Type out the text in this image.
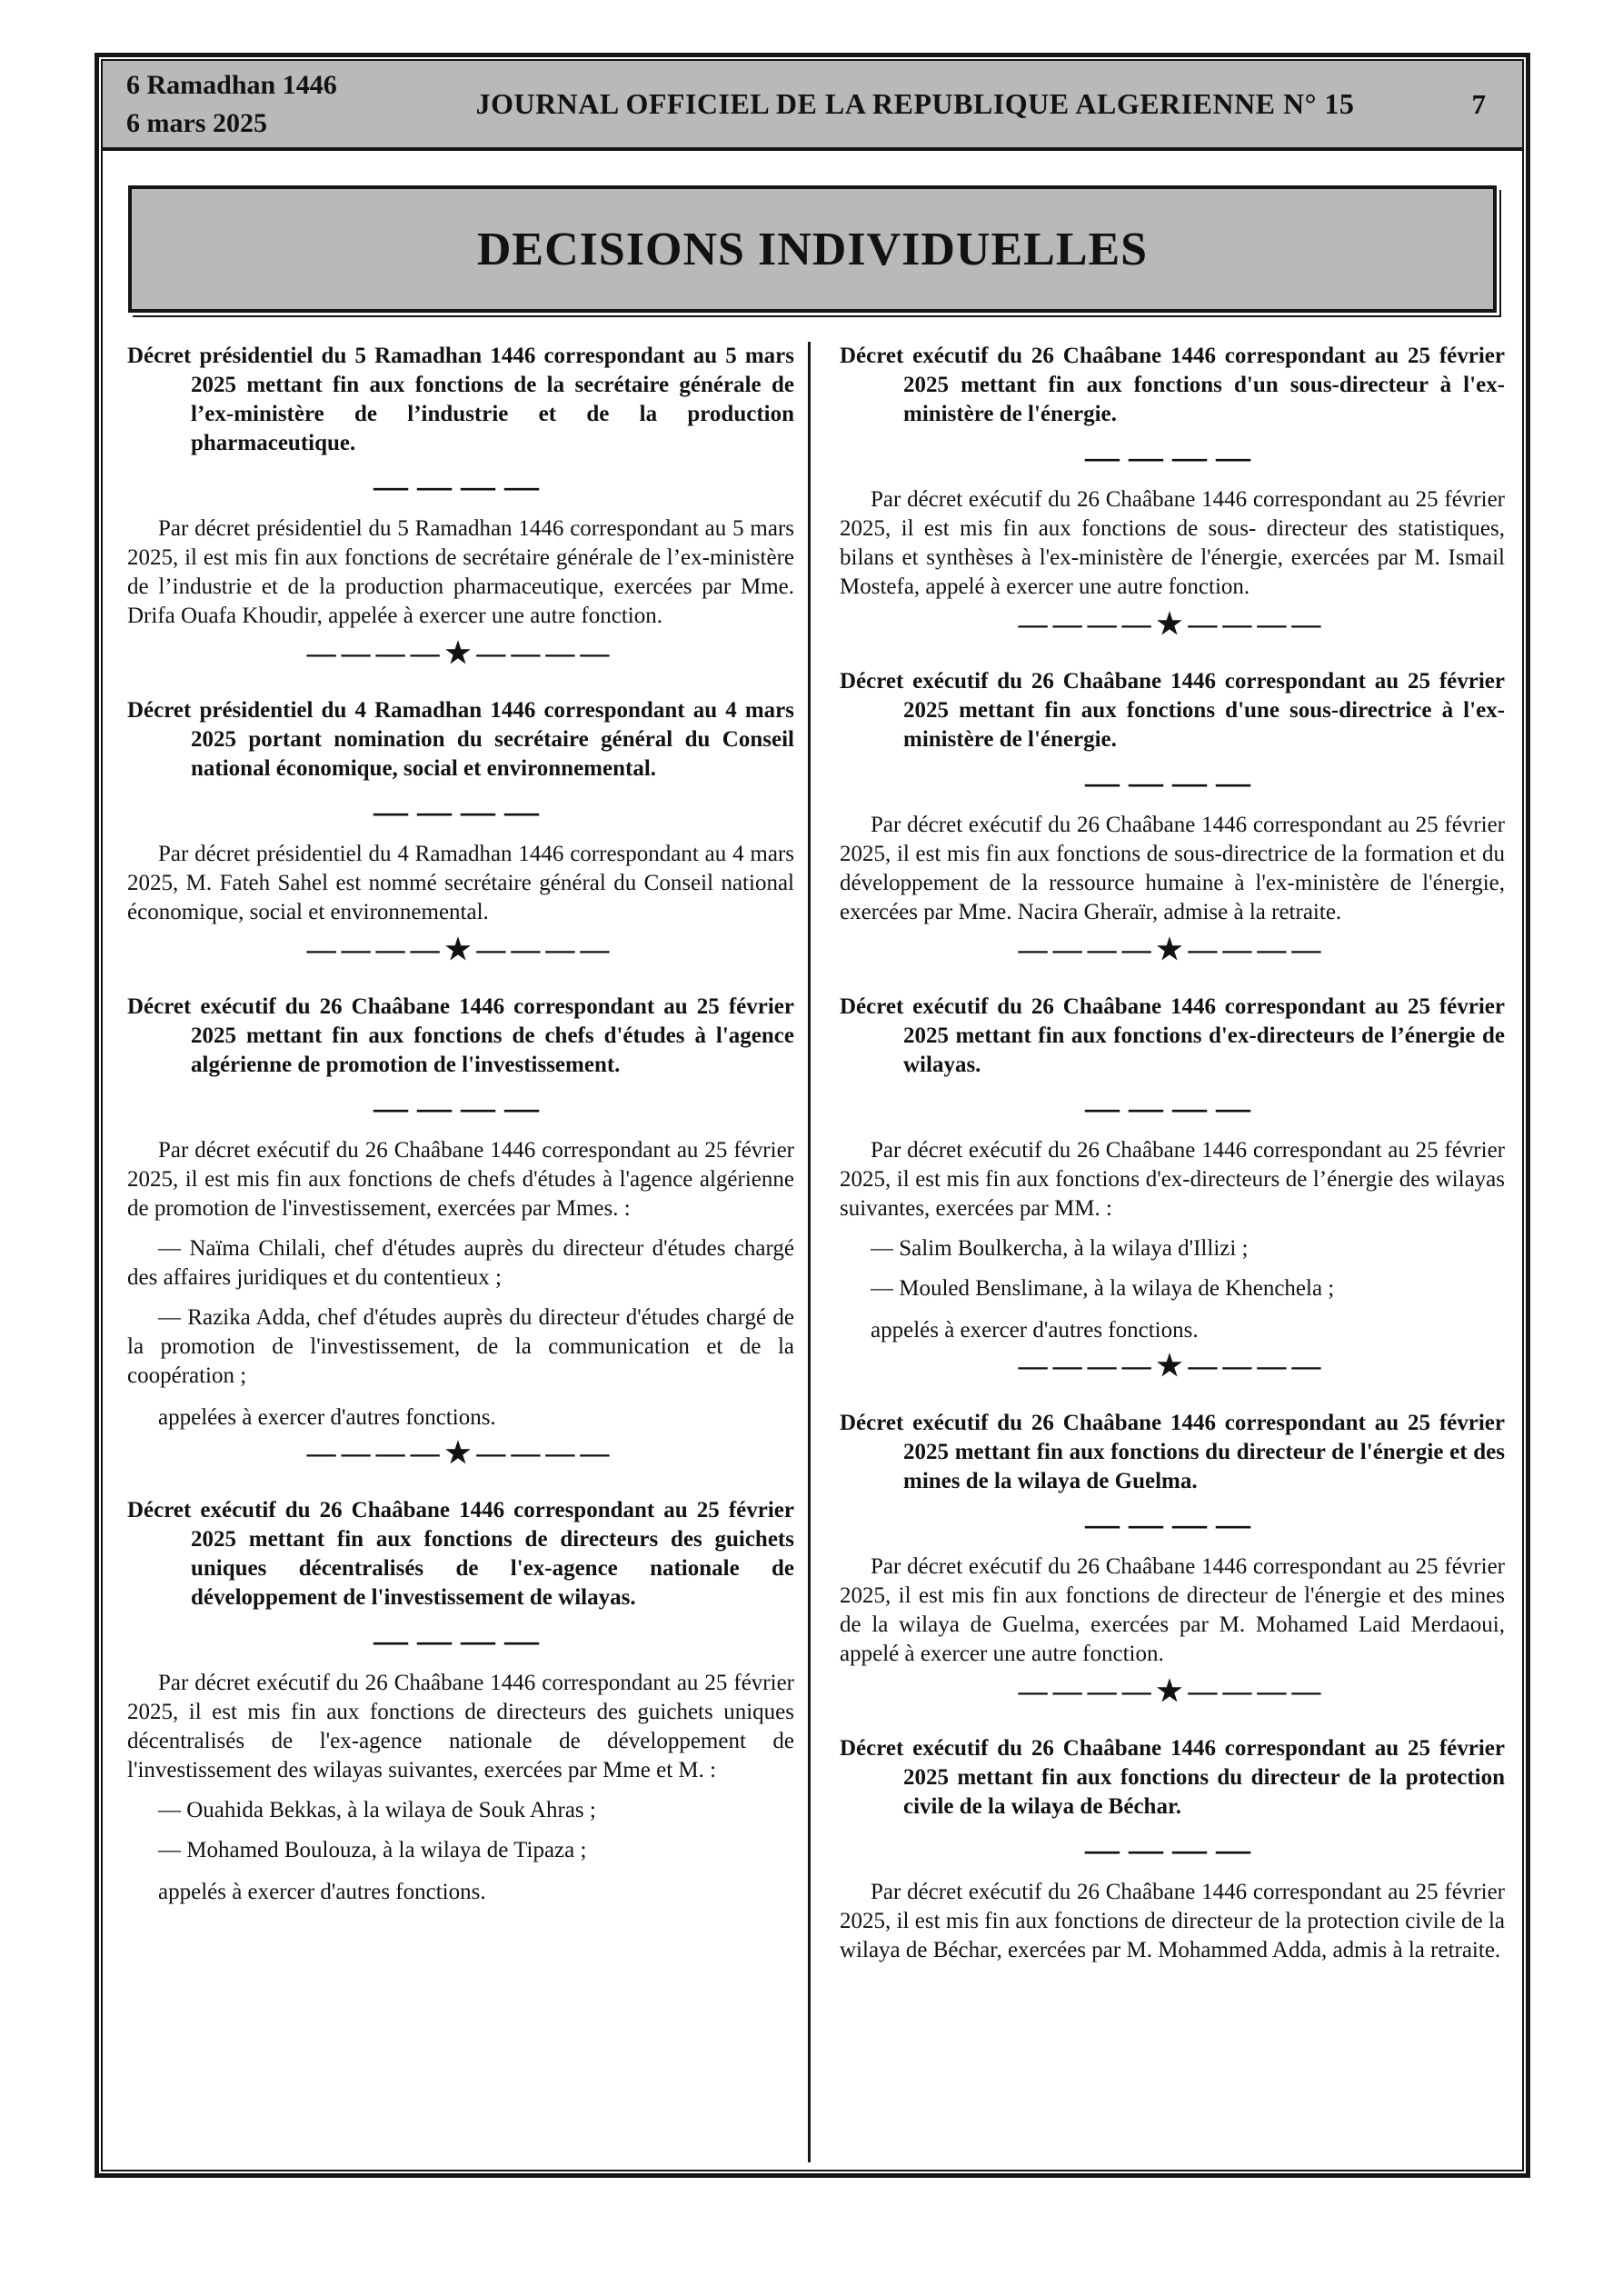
6 Ramadhan 1446
6 mars 2025
JOURNAL OFFICIEL DE LA REPUBLIQUE ALGERIENNE N° 15	7
DECISIONS INDIVIDUELLES
Décret présidentiel du 5 Ramadhan 1446 correspondant au 5 mars 2025 mettant fin aux fonctions de la secrétaire générale de l’ex-ministère de l’industrie et de la production pharmaceutique.
————
Par décret présidentiel du 5 Ramadhan 1446 correspondant au 5 mars 2025, il est mis fin aux fonctions de secrétaire générale de l’ex-ministère de l’industrie et de la production pharmaceutique, exercées par Mme. Drifa Ouafa Khoudir, appelée à exercer une autre fonction.
————★————
Décret présidentiel du 4 Ramadhan 1446 correspondant au 4 mars 2025 portant nomination du secrétaire général du Conseil national économique, social et environnemental.
————
Par décret présidentiel du 4 Ramadhan 1446 correspondant au 4 mars 2025, M. Fateh Sahel est nommé secrétaire général du Conseil national économique, social et environnemental.
————★————
Décret exécutif du 26 Chaâbane 1446 correspondant au 25 février 2025 mettant fin aux fonctions de chefs d'études à l'agence algérienne de promotion de l'investissement.
————
Par décret exécutif du 26 Chaâbane 1446 correspondant au 25 février 2025, il est mis fin aux fonctions de chefs d'études à l'agence algérienne de promotion de l'investissement, exercées par Mmes. :
— Naïma Chilali, chef d'études auprès du directeur d'études chargé des affaires juridiques et du contentieux ;
— Razika Adda, chef d'études auprès du directeur d'études chargé de la promotion de l'investissement, de la communication et de la coopération ;
appelées à exercer d'autres fonctions.
————★————
Décret exécutif du 26 Chaâbane 1446 correspondant au 25 février 2025 mettant fin aux fonctions de directeurs des guichets uniques décentralisés de l'ex-agence nationale de développement de l'investissement de wilayas.
————
Par décret exécutif du 26 Chaâbane 1446 correspondant au 25 février 2025, il est mis fin aux fonctions de directeurs des guichets uniques décentralisés de l'ex-agence nationale de développement de l'investissement des wilayas suivantes, exercées par Mme et M. :
— Ouahida Bekkas, à la wilaya de Souk Ahras ;
— Mohamed Boulouza, à la wilaya de Tipaza ;
appelés à exercer d'autres fonctions.
Décret exécutif du 26 Chaâbane 1446 correspondant au 25 février 2025 mettant fin aux fonctions d'un sous-directeur à l'ex-ministère de l'énergie.
————
Par décret exécutif du 26 Chaâbane 1446 correspondant au 25 février 2025, il est mis fin aux fonctions de sous- directeur des statistiques, bilans et synthèses à l'ex-ministère de l'énergie, exercées par M. Ismail Mostefa, appelé à exercer une autre fonction.
————★————
Décret exécutif du 26 Chaâbane 1446 correspondant au 25 février 2025 mettant fin aux fonctions d'une sous-directrice à l'ex-ministère de l'énergie.
————
Par décret exécutif du 26 Chaâbane 1446 correspondant au 25 février 2025, il est mis fin aux fonctions de sous-directrice de la formation et du développement de la ressource humaine à l'ex-ministère de l'énergie, exercées par Mme. Nacira Gheraïr, admise à la retraite.
————★————
Décret exécutif du 26 Chaâbane 1446 correspondant au 25 février 2025 mettant fin aux fonctions d'ex-directeurs de l’énergie de wilayas.
————
Par décret exécutif du 26 Chaâbane 1446 correspondant au 25 février 2025, il est mis fin aux fonctions d'ex-directeurs de l’énergie des wilayas suivantes, exercées par MM. :
— Salim Boulkercha, à la wilaya d'Illizi ;
— Mouled Benslimane, à la wilaya de Khenchela ;
appelés à exercer d'autres fonctions.
————★————
Décret exécutif du 26 Chaâbane 1446 correspondant au 25 février 2025 mettant fin aux fonctions du directeur de l'énergie et des mines de la wilaya de Guelma.
————
Par décret exécutif du 26 Chaâbane 1446 correspondant au 25 février 2025, il est mis fin aux fonctions de directeur de l'énergie et des mines de la wilaya de Guelma, exercées par M. Mohamed Laid Merdaoui, appelé à exercer une autre fonction.
————★————
Décret exécutif du 26 Chaâbane 1446 correspondant au 25 février 2025 mettant fin aux fonctions du directeur de la protection civile de la wilaya de Béchar.
————
Par décret exécutif du 26 Chaâbane 1446 correspondant au 25 février 2025, il est mis fin aux fonctions de directeur de la protection civile de la wilaya de Béchar, exercées par M. Mohammed Adda, admis à la retraite.
